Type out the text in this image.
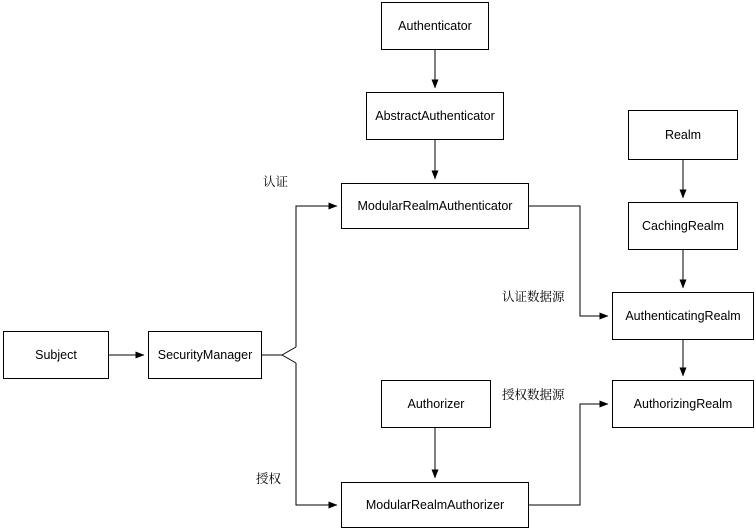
Authenticator
AbstractAuthenticator
ModularRealmAuthenticator
Realm
CachingRealm
AuthenticatingRealm
AuthorizingRealm
Subject	SecurityManager
Authorizer
ModularRealmAuthorizer
认证
授权
认证数据源
授权数据源
